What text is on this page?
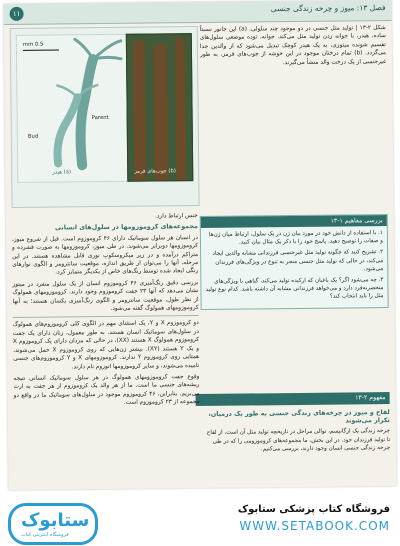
فصل ۱۳: میوز و چرخه زندگی جنسی
۱۱

شکل ۲-۱۳ | تولید مثل جنسی در دو موجود چند سلولی. (a) این جانور نسبتاً ساده، هیدر، با جوانه زدن تولید مثل می‌کند. جوانه، توده موضعی سلول‌های تقسیم شونده میتوزی، به یک هیدر کوچک تبدیل می‌شود که از والدین جدا می‌گردد. (b) تمام درختان موجود در این خوشه از چوب‌های قرمز، به طور غیرجنسی از یک درخت والد منشأ می‌گیرند.

بررسی مفاهیم ۱-۱۳

۱. با استفاده از دانش خود در مورد بیان ژن در یک سلول، ارتباط میان ژن‌ها و صفات را توضیح دهید. پاسخ خود را با ذکر یک مثال بیان کنید.

۲. تشریح کنید که چگونه تولید مثل غیرجنسی فرزندانی مشابه والدین ایجاد می‌کند، در حالی که تولید مثل جنسی منجر به تنوع در ویژگی‌های فرزندان می‌شود.

۳. چه می‌شود اگر؟ یک باغبان که ارکیده تولید می‌کند، گیاهی با ویژگی‌های منحصربه‌فرد دارد و می‌خواهد فرزندانی مشابه آن داشته باشد. کدام نوع تولید مثل را باید انتخاب کند؟

مفهوم ۲-۱۳
لقاح و میوز در چرخه‌های زندگی جنسی به طور یک درمیان، تکرار می‌شوند

چرخه زندگی یک ارگانیسم، توالی مراحل در تاریخچه تولید مثل آن است، از لقاح تا تولید فرزندان خود. در این بخش، ما مجموعه‌های کروموزومی را که در طی چرخه زندگی جنسی انسان وجود دارند، بررسی می‌کنیم.

0.5 mm
Parent
Bud
(a) هیدر	(b) چوب‌های قرمز

جنس ارتباط دارد.

مجموعه‌های کروموزومها در سلول‌های انسانی

در انسان هر سلول سوماتیک دارای ۴۶ کروموزوم است. قبل از شروع میوز، کروموزومها دوبرابر می‌شوند. در طی میوز، کروموزومها به صورت فشرده و متراکم درآمده و در زیر میکروسکوپ نوری قابل مشاهده هستند. در این مرحله، آنها را می‌توان از طریق اندازه، موقعیت سانترومر و الگوی نوارهای رنگی ایجاد شده توسط رنگ‌های خاص از یکدیگر متمایز کرد.

بررسی دقیق رنگ‌آمیزی ۴۶ کروموزوم انسان از یک سلول منفرد در میتوز نشان می‌دهد که آنها ۲۳ جفت کروموزوم وجود دارند. کروموزومهای همولوگ از نظر طول، موقعیت سانترومر و الگوی رنگ‌آمیزی یکسان هستند؛ به آنها کروموزومهای همولوگ گفته می‌شود.

دو کروموزوم X و Y، یک استثنای مهم در الگوی کلی کروموزوم‌های همولوگ در سلول‌های سوماتیک انسان هستند. به طور معمول، زنان دارای یک جفت کروموزوم همولوگ X هستند (XX)، در حالی که مردان دارای یک کروموزوم X و یک Y هستند (XY). بیشتر ژن‌هایی که روی کروموزوم X حمل می‌شوند، همتایی روی کروموزوم Y ندارند. کروموزومهای X و Y کروموزوم‌های جنسی نامیده می‌شوند، و سایر کروموزومها اتوزوم نام دارند.

وقوع جفت کروموزومهای همولوگ در هر سلول سوماتیک انسانی نتیجه ریشه‌های جنسی ما است. ما از هر والد یک کروموزوم از هر جفت به ارث می‌بریم. بنابراین، ۴۶ کروموزوم موجود در سلول‌های سوماتیک ما در واقع دو مجموعه از ۲۳ کروموزوم است.

ستابوک
فروشگاه اینترنتی کتاب
فروشگاه کتاب پزشکی ستابوک
WWW.SETABOOK.COM
